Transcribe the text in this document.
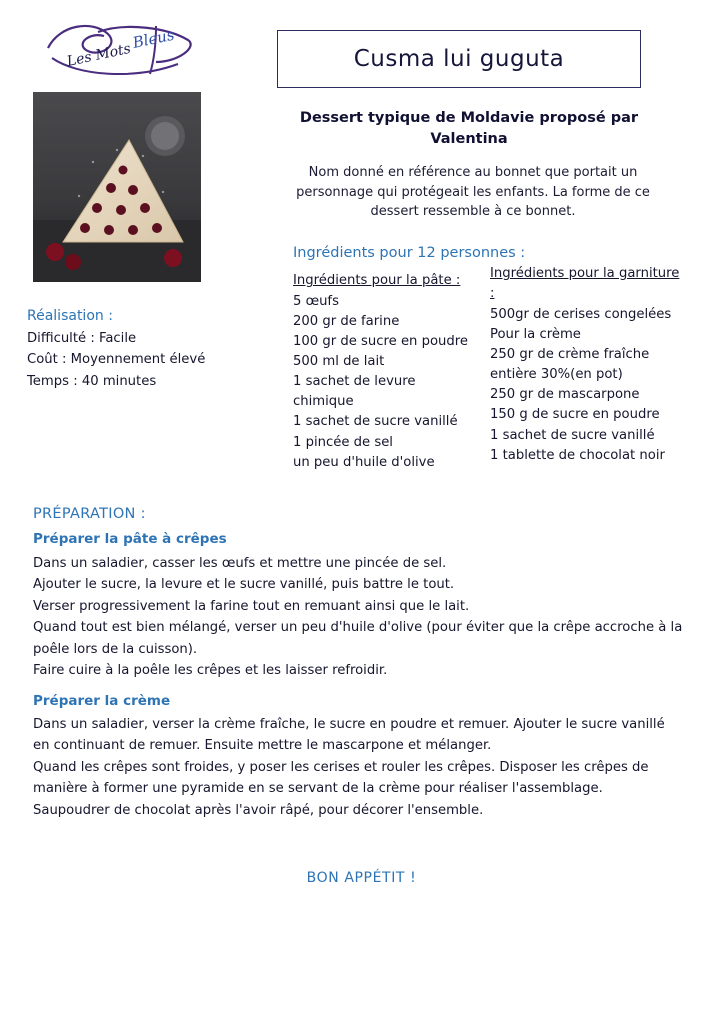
Les Mots
Bleus
Cusma lui guguta
Dessert typique de Moldavie proposé par Valentina
Nom donné en référence au bonnet que portait un personnage qui protégeait les enfants. La forme de ce dessert ressemble à ce bonnet.
Ingrédients pour 12 personnes :
Ingrédients pour la pâte :
5 œufs
200 gr de farine
100 gr de sucre en poudre
500 ml de lait
1 sachet de levure chimique
1 sachet de sucre vanillé
1 pincée de sel
un peu d'huile d'olive
Ingrédients pour la garniture :
500gr de cerises congelées
Pour la crème
250 gr de crème fraîche entière 30%(en pot)
250 gr de mascarpone
150 g de sucre en poudre
1 sachet de sucre vanillé
1 tablette de chocolat noir
Réalisation :
Difficulté : Facile
Coût : Moyennement élevé
Temps : 40 minutes
PRÉPARATION :
Préparer la pâte à crêpes
Dans un saladier, casser les œufs et mettre une pincée de sel.
Ajouter le sucre, la levure et le sucre vanillé, puis battre le tout.
Verser progressivement la farine tout en remuant ainsi que le lait.
Quand tout est bien mélangé, verser un peu d'huile d'olive (pour éviter que la crêpe accroche à la poêle lors de la cuisson).
Faire cuire à la poêle les crêpes et les laisser refroidir.
Préparer la crème
Dans un saladier, verser la crème fraîche, le sucre en poudre et remuer. Ajouter le sucre vanillé en continuant de remuer. Ensuite mettre le mascarpone et mélanger.
Quand les crêpes sont froides, y poser les cerises et rouler les crêpes. Disposer les crêpes de manière à former une pyramide en se servant de la crème pour réaliser l'assemblage. Saupoudrer de chocolat après l'avoir râpé, pour décorer l'ensemble.
BON APPÉTIT !
